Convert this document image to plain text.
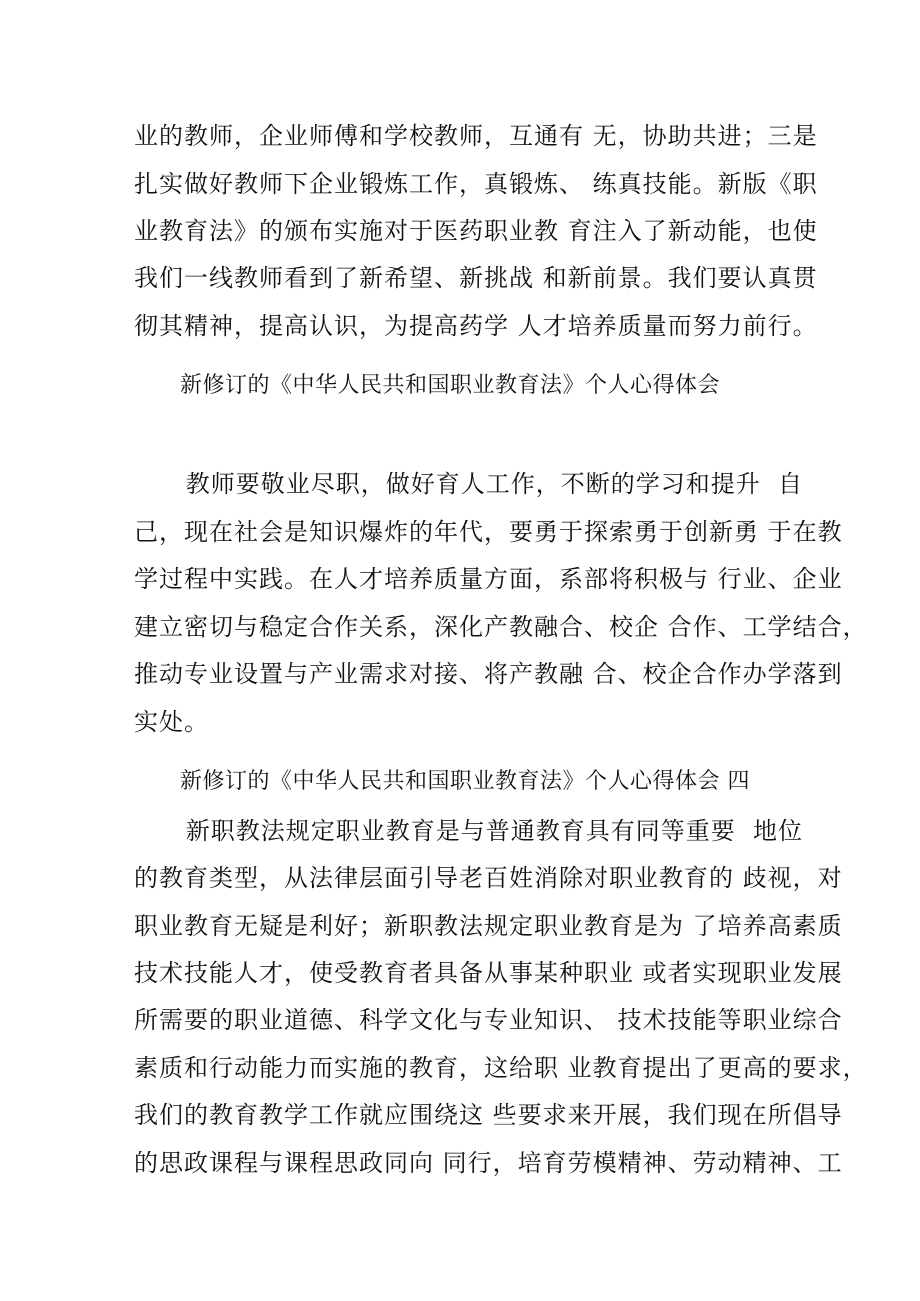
业的教师，企业师傅和学校教师，互通有 无，协助共进；三是
扎实做好教师下企业锻炼工作，真锻炼、 练真技能。新版《职
业教育法》的颁布实施对于医药职业教 育注入了新动能，也使
我们一线教师看到了新希望、新挑战 和新前景。我们要认真贯
彻其精神，提高认识，为提高药学 人才培养质量而努力前行。
新修订的《中华人民共和国职业教育法》个人心得体会
教师要敬业尽职，做好育人工作，不断的学习和提升  自
己，现在社会是知识爆炸的年代，要勇于探索勇于创新勇 于在教
学过程中实践。在人才培养质量方面，系部将积极与 行业、企业
建立密切与稳定合作关系，深化产教融合、校企 合作、工学结合，
推动专业设置与产业需求对接、将产教融 合、校企合作办学落到
实处。
新修订的《中华人民共和国职业教育法》个人心得体会 四
新职教法规定职业教育是与普通教育具有同等重要  地位
的教育类型，从法律层面引导老百姓消除对职业教育的 歧视，对
职业教育无疑是利好；新职教法规定职业教育是为 了培养高素质
技术技能人才，使受教育者具备从事某种职业 或者实现职业发展
所需要的职业道德、科学文化与专业知识、 技术技能等职业综合
素质和行动能力而实施的教育，这给职 业教育提出了更高的要求，
我们的教育教学工作就应围绕这 些要求来开展，我们现在所倡导
的思政课程与课程思政同向 同行，培育劳模精神、劳动精神、工
